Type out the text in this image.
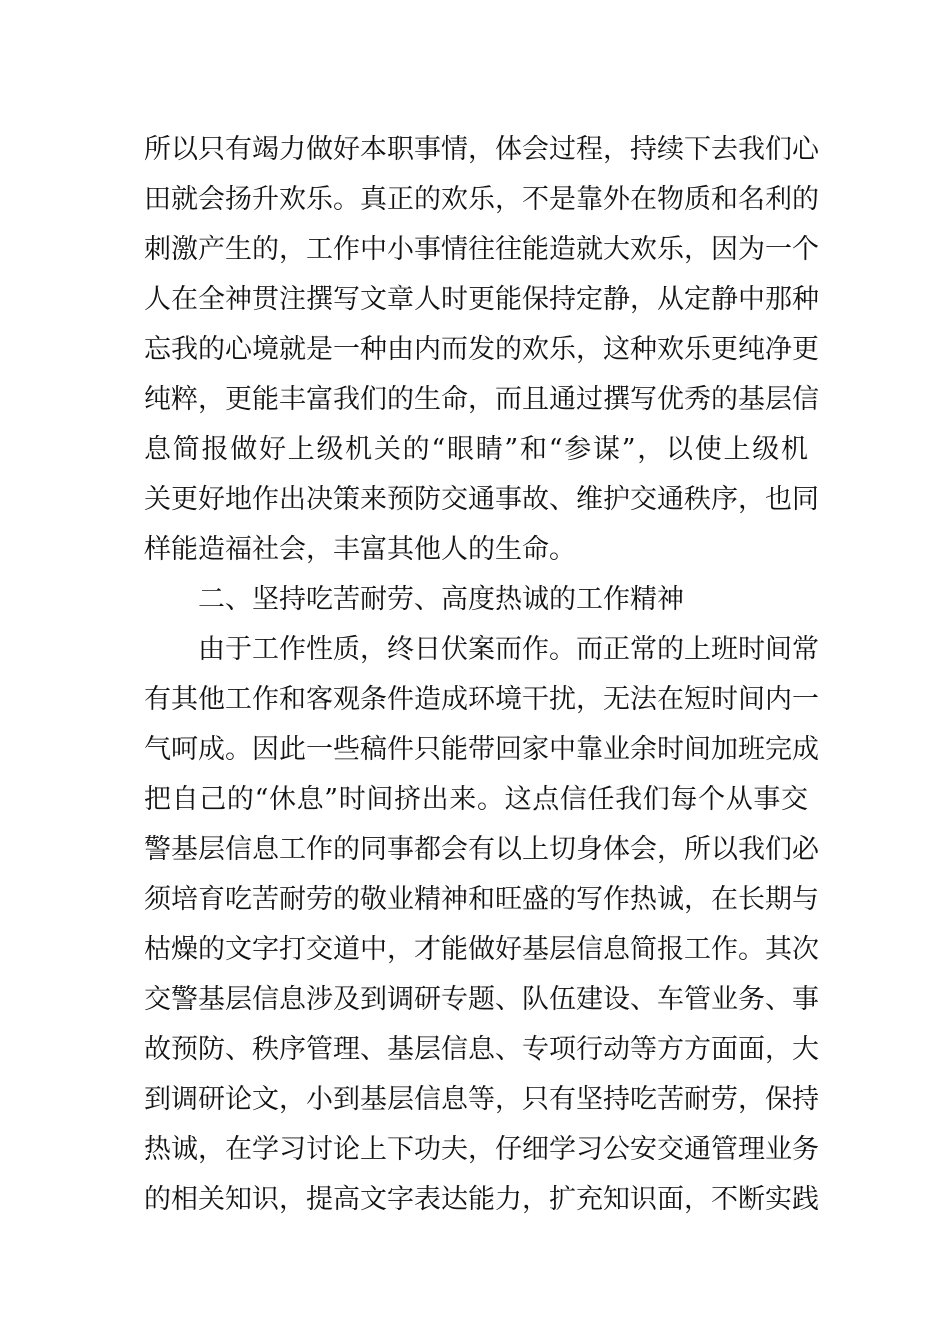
所以只有竭力做好本职事情，体会过程，持续下去我们心
田就会扬升欢乐。真正的欢乐，不是靠外在物质和名利的
刺激产生的，工作中小事情往往能造就大欢乐，因为一个
人在全神贯注撰写文章人时更能保持定静，从定静中那种
忘我的心境就是一种由内而发的欢乐，这种欢乐更纯净更
纯粹，更能丰富我们的生命，而且通过撰写优秀的基层信
息简报做好上级机关的“眼睛”和“参谋”，以使上级机
关更好地作出决策来预防交通事故、维护交通秩序，也同
样能造福社会，丰富其他人的生命。
二、坚持吃苦耐劳、高度热诚的工作精神
由于工作性质，终日伏案而作。而正常的上班时间常
有其他工作和客观条件造成环境干扰，无法在短时间内一
气呵成。因此一些稿件只能带回家中靠业余时间加班完成
把自己的“休息”时间挤出来。这点信任我们每个从事交
警基层信息工作的同事都会有以上切身体会，所以我们必
须培育吃苦耐劳的敬业精神和旺盛的写作热诚，在长期与
枯燥的文字打交道中，才能做好基层信息简报工作。其次
交警基层信息涉及到调研专题、队伍建设、车管业务、事
故预防、秩序管理、基层信息、专项行动等方方面面，大
到调研论文，小到基层信息等，只有坚持吃苦耐劳，保持
热诚，在学习讨论上下功夫，仔细学习公安交通管理业务
的相关知识，提高文字表达能力，扩充知识面，不断实践
